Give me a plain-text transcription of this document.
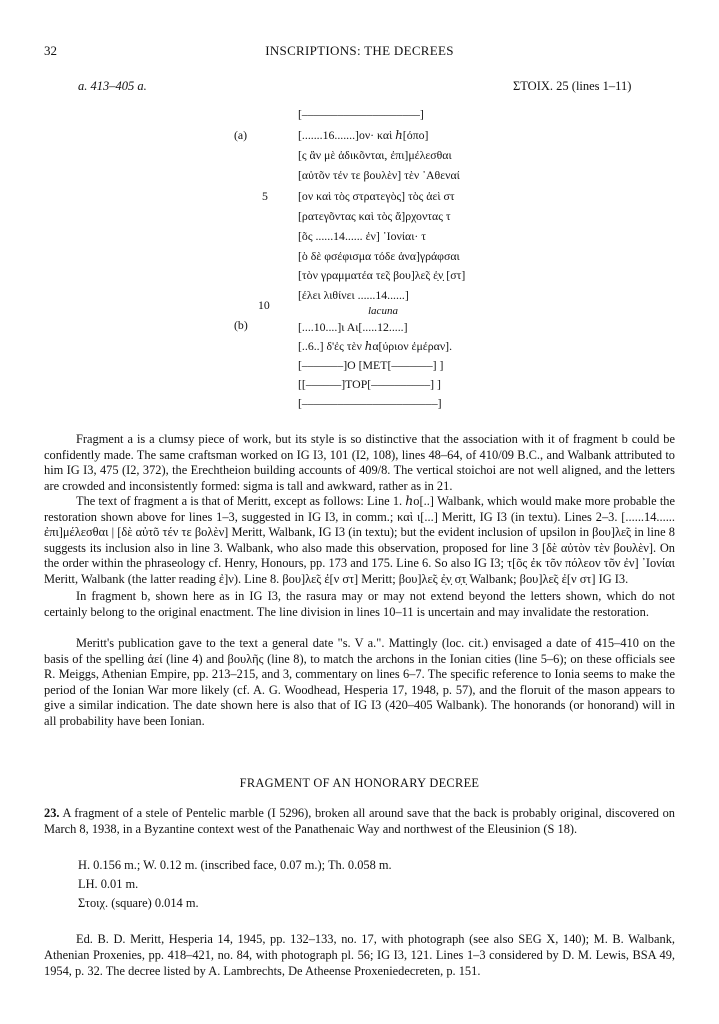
32	INSCRIPTIONS: THE DECREES
a. 413–405 a.	ΣΤΟΙΧ. 25 (lines 1–11)
(a)
(b)
5
10
[––––––––––––––––––––]
[.......16.......]ον· καὶ ℎ[όπο]
[ς ἂν μὲ ἀδικõνται, ἐπι]μέλεσθαι
[αὐτõν τέν τε βουλὲν] τὲν ᾿Αθεναί
[ον καὶ τὸς στρατεγὸς] τὸς ἀεὶ στ
[ρατεγõντας καὶ τὸς ἄ]ρχοντας τ
[õς ......14...... ἐν] ᾿Ιονίαι· τ
[ὸ δὲ φσέφισμα τόδε ἀνα]γράφσαι
[τὸν γραμματέα τε̃ς βου]λε̃ς ἐ̣ν̣ [στ]
[έλει λιθίνει ......14......]
lacuna
[....10....]ι Αι[.....12.....]
[..6..] δ'ἐς τὲν ℎα[ύριον ἐμέραν].
[–––––––]Ο [ΜΕΤ[–––––––] ]
[[––––––]ΤΟΡ[––––––––––] ]
[–––––––––––––––––––––––]

Fragment a is a clumsy piece of work, but its style is so distinctive that the association with it of fragment b could be confidently made. The same craftsman worked on IG I3, 101 (I2, 108), lines 48–64, of 410/09 B.C., and Walbank attributed to him IG I3, 475 (I2, 372), the Erechtheion building accounts of 409/8. The vertical stoichoi are not well aligned, and the letters are crowded and inconsistently formed: sigma is tall and awkward, rather as in 21.

The text of fragment a is that of Meritt, except as follows: Line 1. ℎο[..] Walbank, which would make more probable the restoration shown above for lines 1–3, suggested in IG I3, in comm.; καὶ ι[...] Meritt, IG I3 (in textu). Lines 2–3. [......14...... ἐπι]μέλεσθαι | [δὲ αὐτõ τέν τε βολὲν] Meritt, Walbank, IG I3 (in textu); but the evident inclusion of upsilon in βου]λε̃ς in line 8 suggests its inclusion also in line 3. Walbank, who also made this observation, proposed for line 3 [δὲ αὐτὸν τὲν βουλὲν]. On the order within the phraseology cf. Henry, Honours, pp. 173 and 175. Line 6. So also IG I3; τ[õς ἐκ τõν πόλεον τõν ἐν] ᾿Ιονίαι Meritt, Walbank (the latter reading ἐ]ν). Line 8. βου]λε̃ς ἐ[ν στ] Meritt; βου]λε̃ς ἐ̣ν̣ σ̣τ̣ Walbank; βου]λε̃ς ἐ[ν στ] IG I3.

In fragment b, shown here as in IG I3, the rasura may or may not extend beyond the letters shown, which do not certainly belong to the original enactment. The line division in lines 10–11 is uncertain and may invalidate the restoration.

Meritt's publication gave to the text a general date "s. V a.". Mattingly (loc. cit.) envisaged a date of 415–410 on the basis of the spelling ἀεί (line 4) and βουλῆς (line 8), to match the archons in the Ionian cities (line 5–6); on these officials see R. Meiggs, Athenian Empire, pp. 213–215, and 3, commentary on lines 6–7. The specific reference to Ionia seems to make the period of the Ionian War more likely (cf. A. G. Woodhead, Hesperia 17, 1948, p. 57), and the floruit of the mason appears to give a similar indication. The date shown here is also that of IG I3 (420–405 Walbank). The honorands (or honorand) will in all probability have been Ionian.

FRAGMENT OF AN HONORARY DECREE

23. A fragment of a stele of Pentelic marble (I 5296), broken all around save that the back is probably original, discovered on March 8, 1938, in a Byzantine context west of the Panathenaic Way and northwest of the Eleusinion (S 18).

H. 0.156 m.; W. 0.12 m. (inscribed face, 0.07 m.); Th. 0.058 m.
LH. 0.01 m.
Στοιχ. (square) 0.014 m.

Ed. B. D. Meritt, Hesperia 14, 1945, pp. 132–133, no. 17, with photograph (see also SEG X, 140); M. B. Walbank, Athenian Proxenies, pp. 418–421, no. 84, with photograph pl. 56; IG I3, 121. Lines 1–3 considered by D. M. Lewis, BSA 49, 1954, p. 32. The decree listed by A. Lambrechts, De Atheense Proxeniedecreten, p. 151.
